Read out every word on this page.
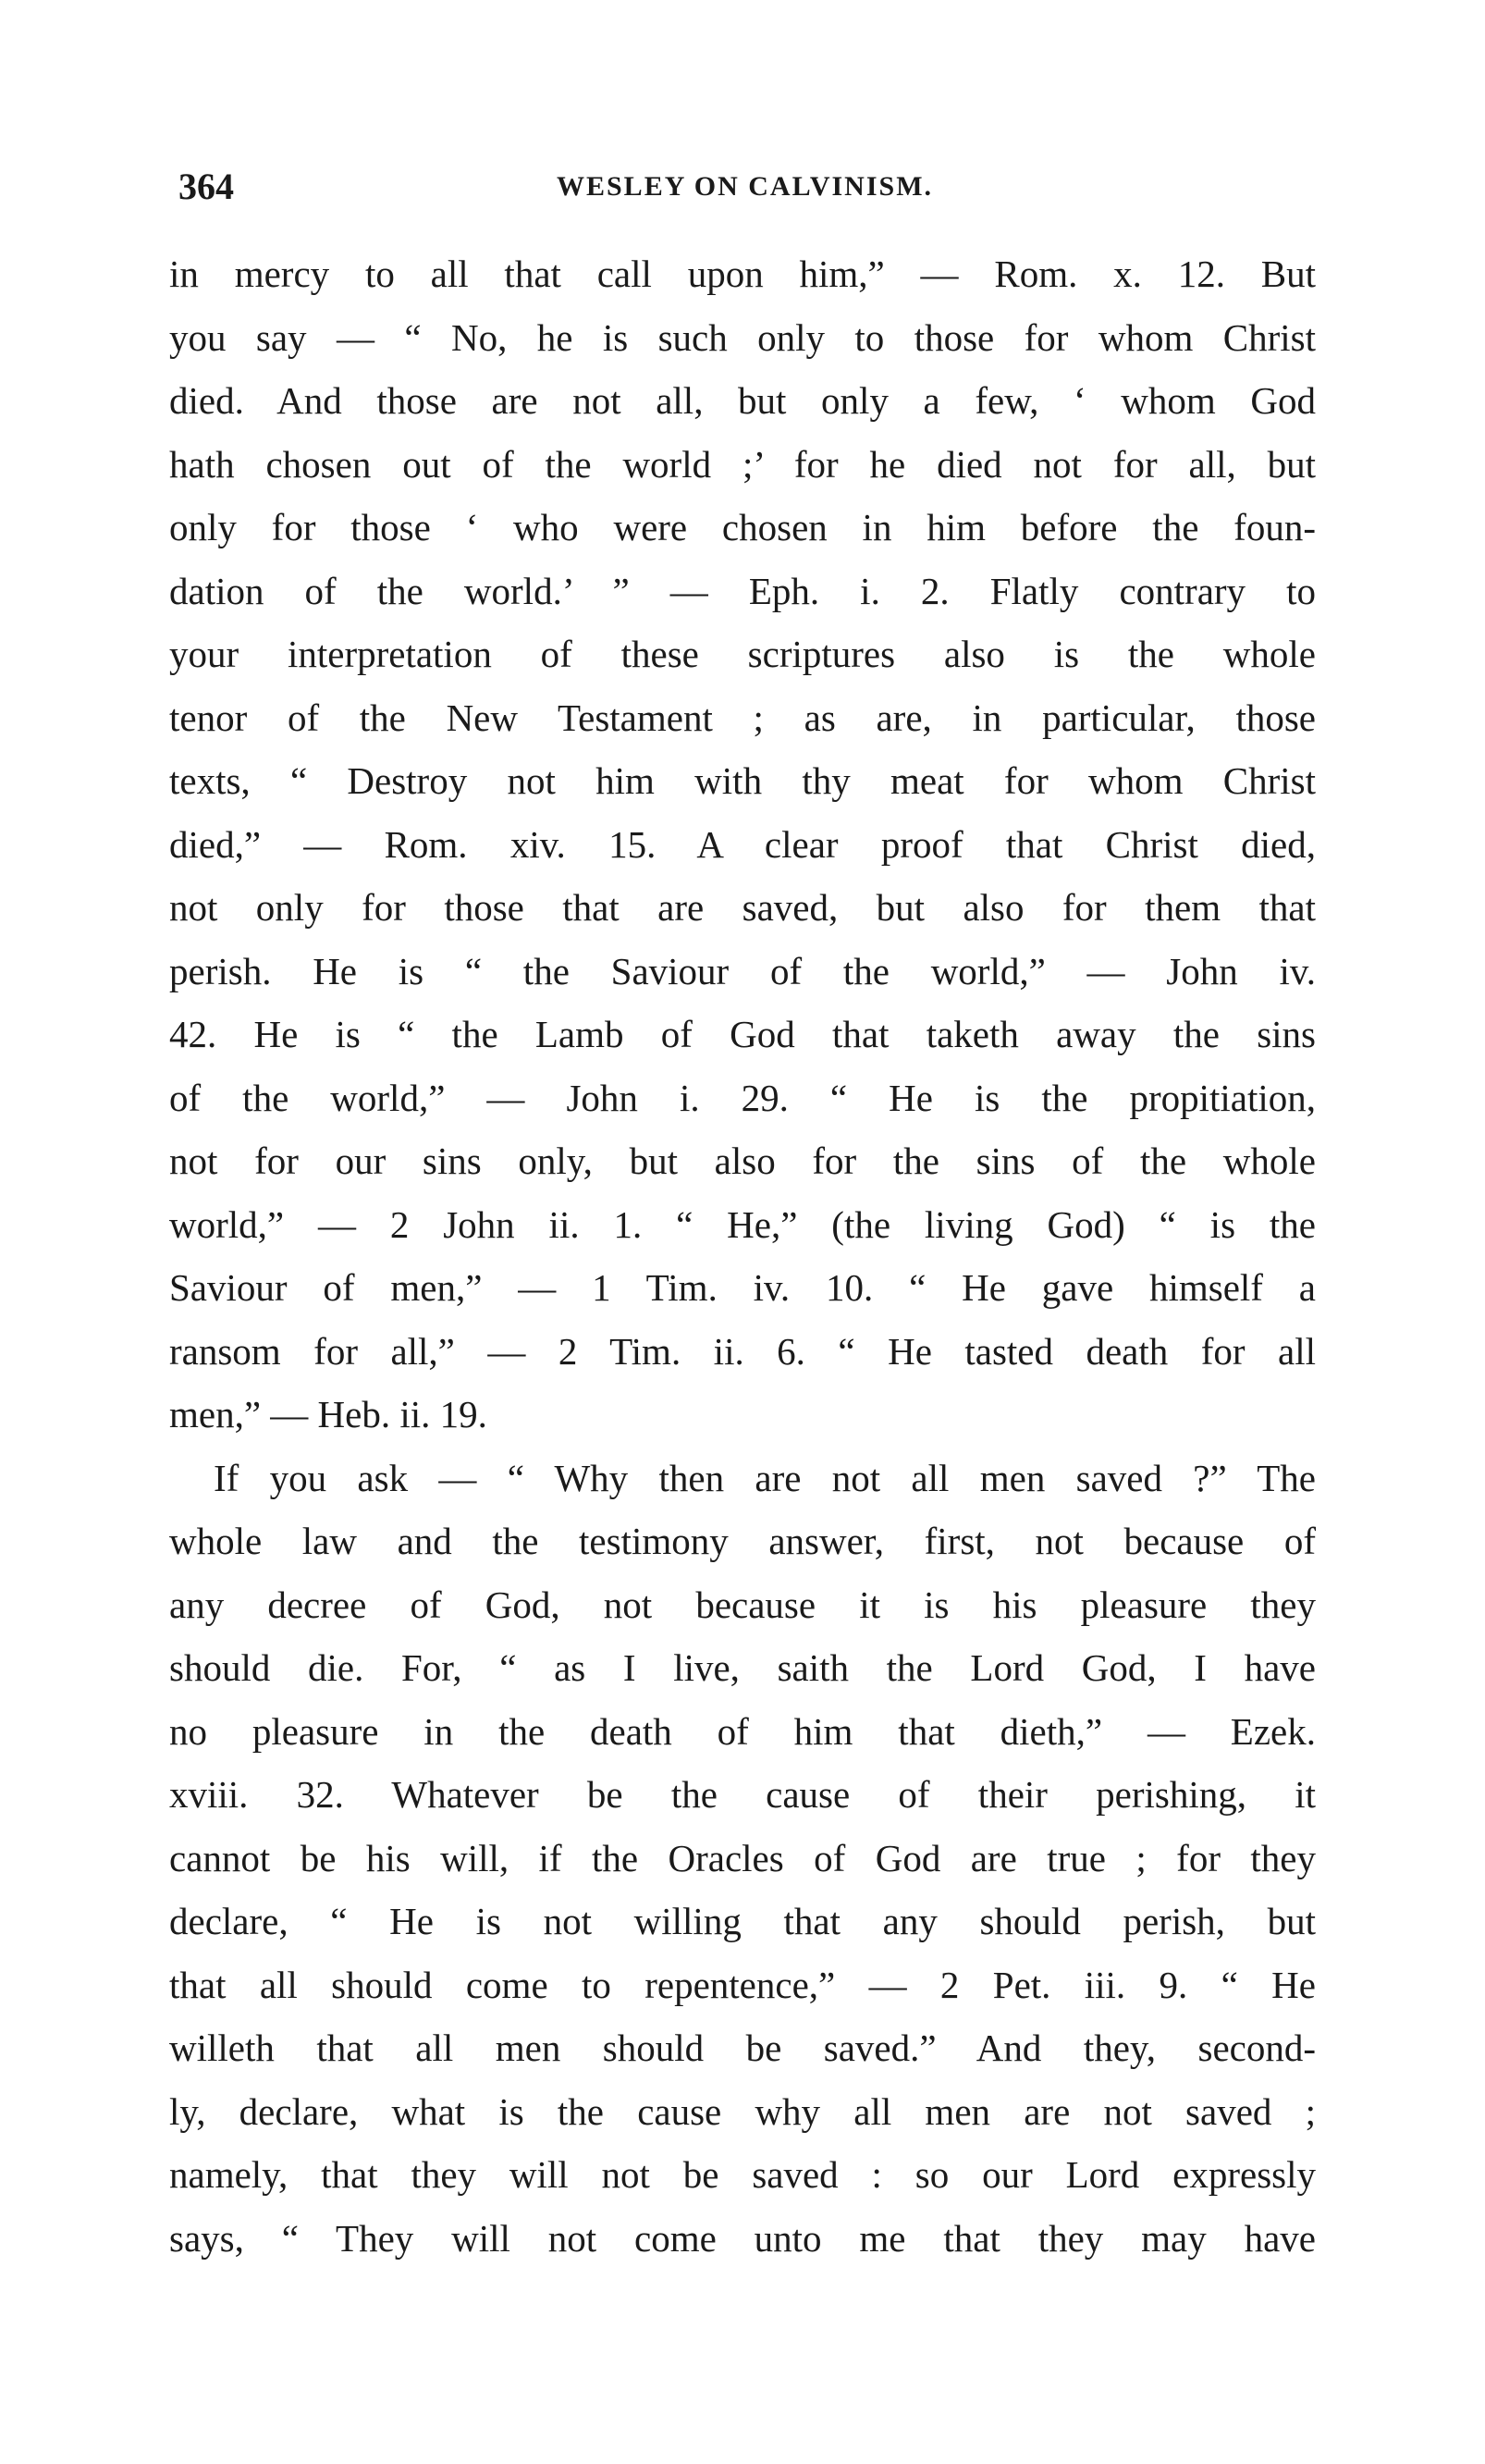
364	WESLEY ON CALVINISM.
in mercy to all that call upon him,” — Rom. x. 12. But
you say — “ No, he is such only to those for whom Christ
died. And those are not all, but only a few, ‘ whom God
hath chosen out of the world ;’ for he died not for all, but
only for those ‘ who were chosen in him before the foun-
dation of the world.’ ” — Eph. i. 2. Flatly contrary to
your interpretation of these scriptures also is the whole
tenor of the New Testament ; as are, in particular, those
texts, “ Destroy not him with thy meat for whom Christ
died,” — Rom. xiv. 15. A clear proof that Christ died,
not only for those that are saved, but also for them that
perish. He is “ the Saviour of the world,” — John iv.
42. He is “ the Lamb of God that taketh away the sins
of the world,” — John i. 29. “ He is the propitiation,
not for our sins only, but also for the sins of the whole
world,” — 2 John ii. 1. “ He,” (the living God) “ is the
Saviour of men,” — 1 Tim. iv. 10. “ He gave himself a
ransom for all,” — 2 Tim. ii. 6. “ He tasted death for all
men,” — Heb. ii. 19.
If you ask — “ Why then are not all men saved ?” The
whole law and the testimony answer, first, not because of
any decree of God, not because it is his pleasure they
should die. For, “ as I live, saith the Lord God, I have
no pleasure in the death of him that dieth,” — Ezek.
xviii. 32. Whatever be the cause of their perishing, it
cannot be his will, if the Oracles of God are true ; for they
declare, “ He is not willing that any should perish, but
that all should come to repentence,” — 2 Pet. iii. 9. “ He
willeth that all men should be saved.” And they, second-
ly, declare, what is the cause why all men are not saved ;
namely, that they will not be saved : so our Lord expressly
says, “ They will not come unto me that they may have
